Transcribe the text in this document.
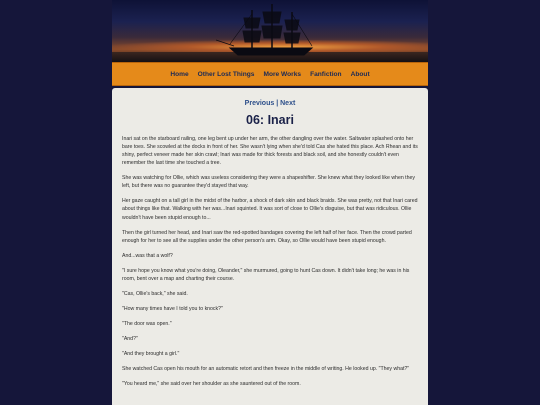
Home Other Lost Things More Works Fanfiction About
Previous | Next
06: Inari

Inari sat on the starboard railing, one leg bent up under her arm, the other dangling over the water. Saltwater splashed onto her bare toes. She scowled at the docks in front of her. She wasn't lying when she'd told Cas she hated this place. Ach Rhean and its shiny, perfect veneer made her skin crawl; Inari was made for thick forests and black soil, and she honestly couldn't even remember the last time she touched a tree.

She was watching for Ollie, which was useless considering they were a shapeshifter. She knew what they looked like when they left, but there was no guarantee they'd stayed that way.

Her gaze caught on a tall girl in the midst of the harbor, a shock of dark skin and black braids. She was pretty, not that Inari cared about things like that. Walking with her was...Inari squinted. It was sort of close to Ollie's disguise, but that was ridiculous. Ollie wouldn't have been stupid enough to...

Then the girl turned her head, and Inari saw the red-spotted bandages covering the left half of her face. Then the crowd parted enough for her to see all the supplies under the other person's arm. Okay, so Ollie would have been stupid enough.

And...was that a wolf?

"I sure hope you know what you're doing, Oleander," she murmured, going to hunt Cas down. It didn't take long; he was in his room, bent over a map and charting their course.

"Cas, Ollie's back," she said.

"How many times have I told you to knock?"

"The door was open."

"And?"

"And they brought a girl."

She watched Cas open his mouth for an automatic retort and then freeze in the middle of writing. He looked up. "They what?"

"You heard me," she said over her shoulder as she sauntered out of the room.
